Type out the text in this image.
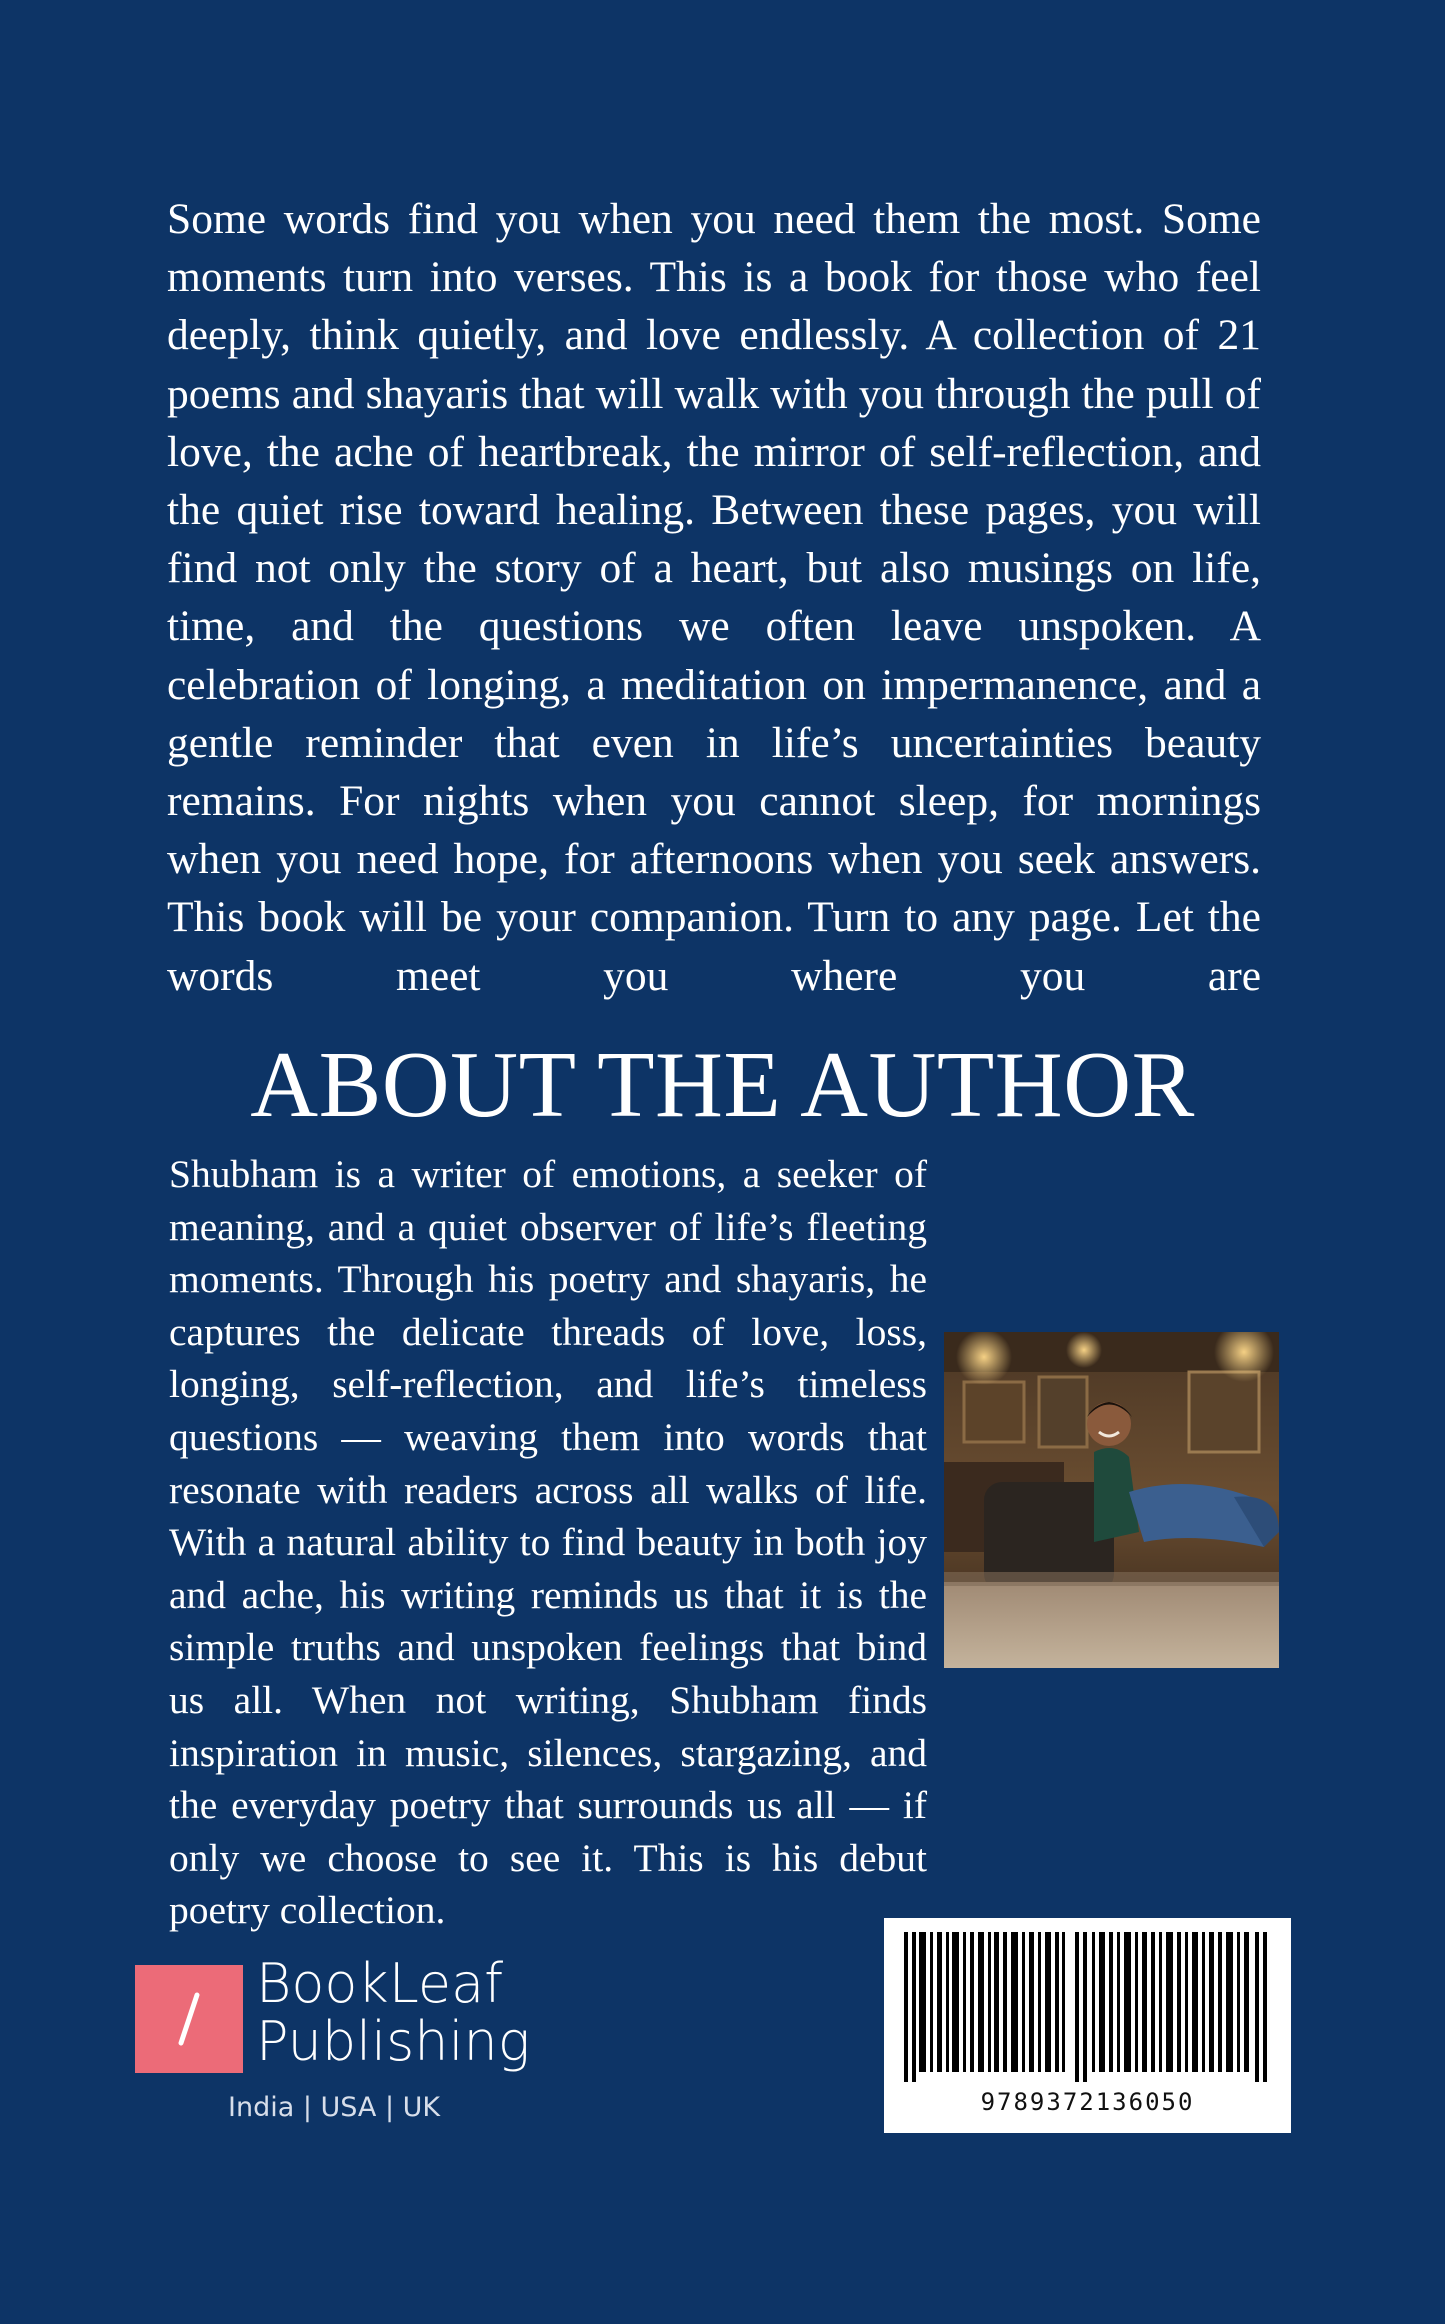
Some words find you when you need them the most. Some moments turn into verses. This is a book for those who feel deeply, think quietly, and love endlessly. A collection of 21 poems and shayaris that will walk with you through the pull of love, the ache of heartbreak, the mirror of self-reflection, and the quiet rise toward healing. Between these pages, you will find not only the story of a heart, but also musings on life, time, and the questions we often leave unspoken. A celebration of longing, a meditation on impermanence, and a gentle reminder that even in life’s uncertainties beauty remains. For nights when you cannot sleep, for mornings when you need hope, for afternoons when you seek answers. This book will be your companion. Turn to any page. Let the words meet you where you are

ABOUT THE AUTHOR

Shubham is a writer of emotions, a seeker of meaning, and a quiet observer of life’s fleeting moments. Through his poetry and shayaris, he captures the delicate threads of love, loss, longing, self-reflection, and life’s timeless questions — weaving them into words that resonate with readers across all walks of life. With a natural ability to find beauty in both joy and ache, his writing reminds us that it is the simple truths and unspoken feelings that bind us all. When not writing, Shubham finds inspiration in music, silences, stargazing, and the everyday poetry that surrounds us all — if only we choose to see it. This is his debut poetry collection.

9789372136050
BookLeaf
Publishing
India | USA | UK
